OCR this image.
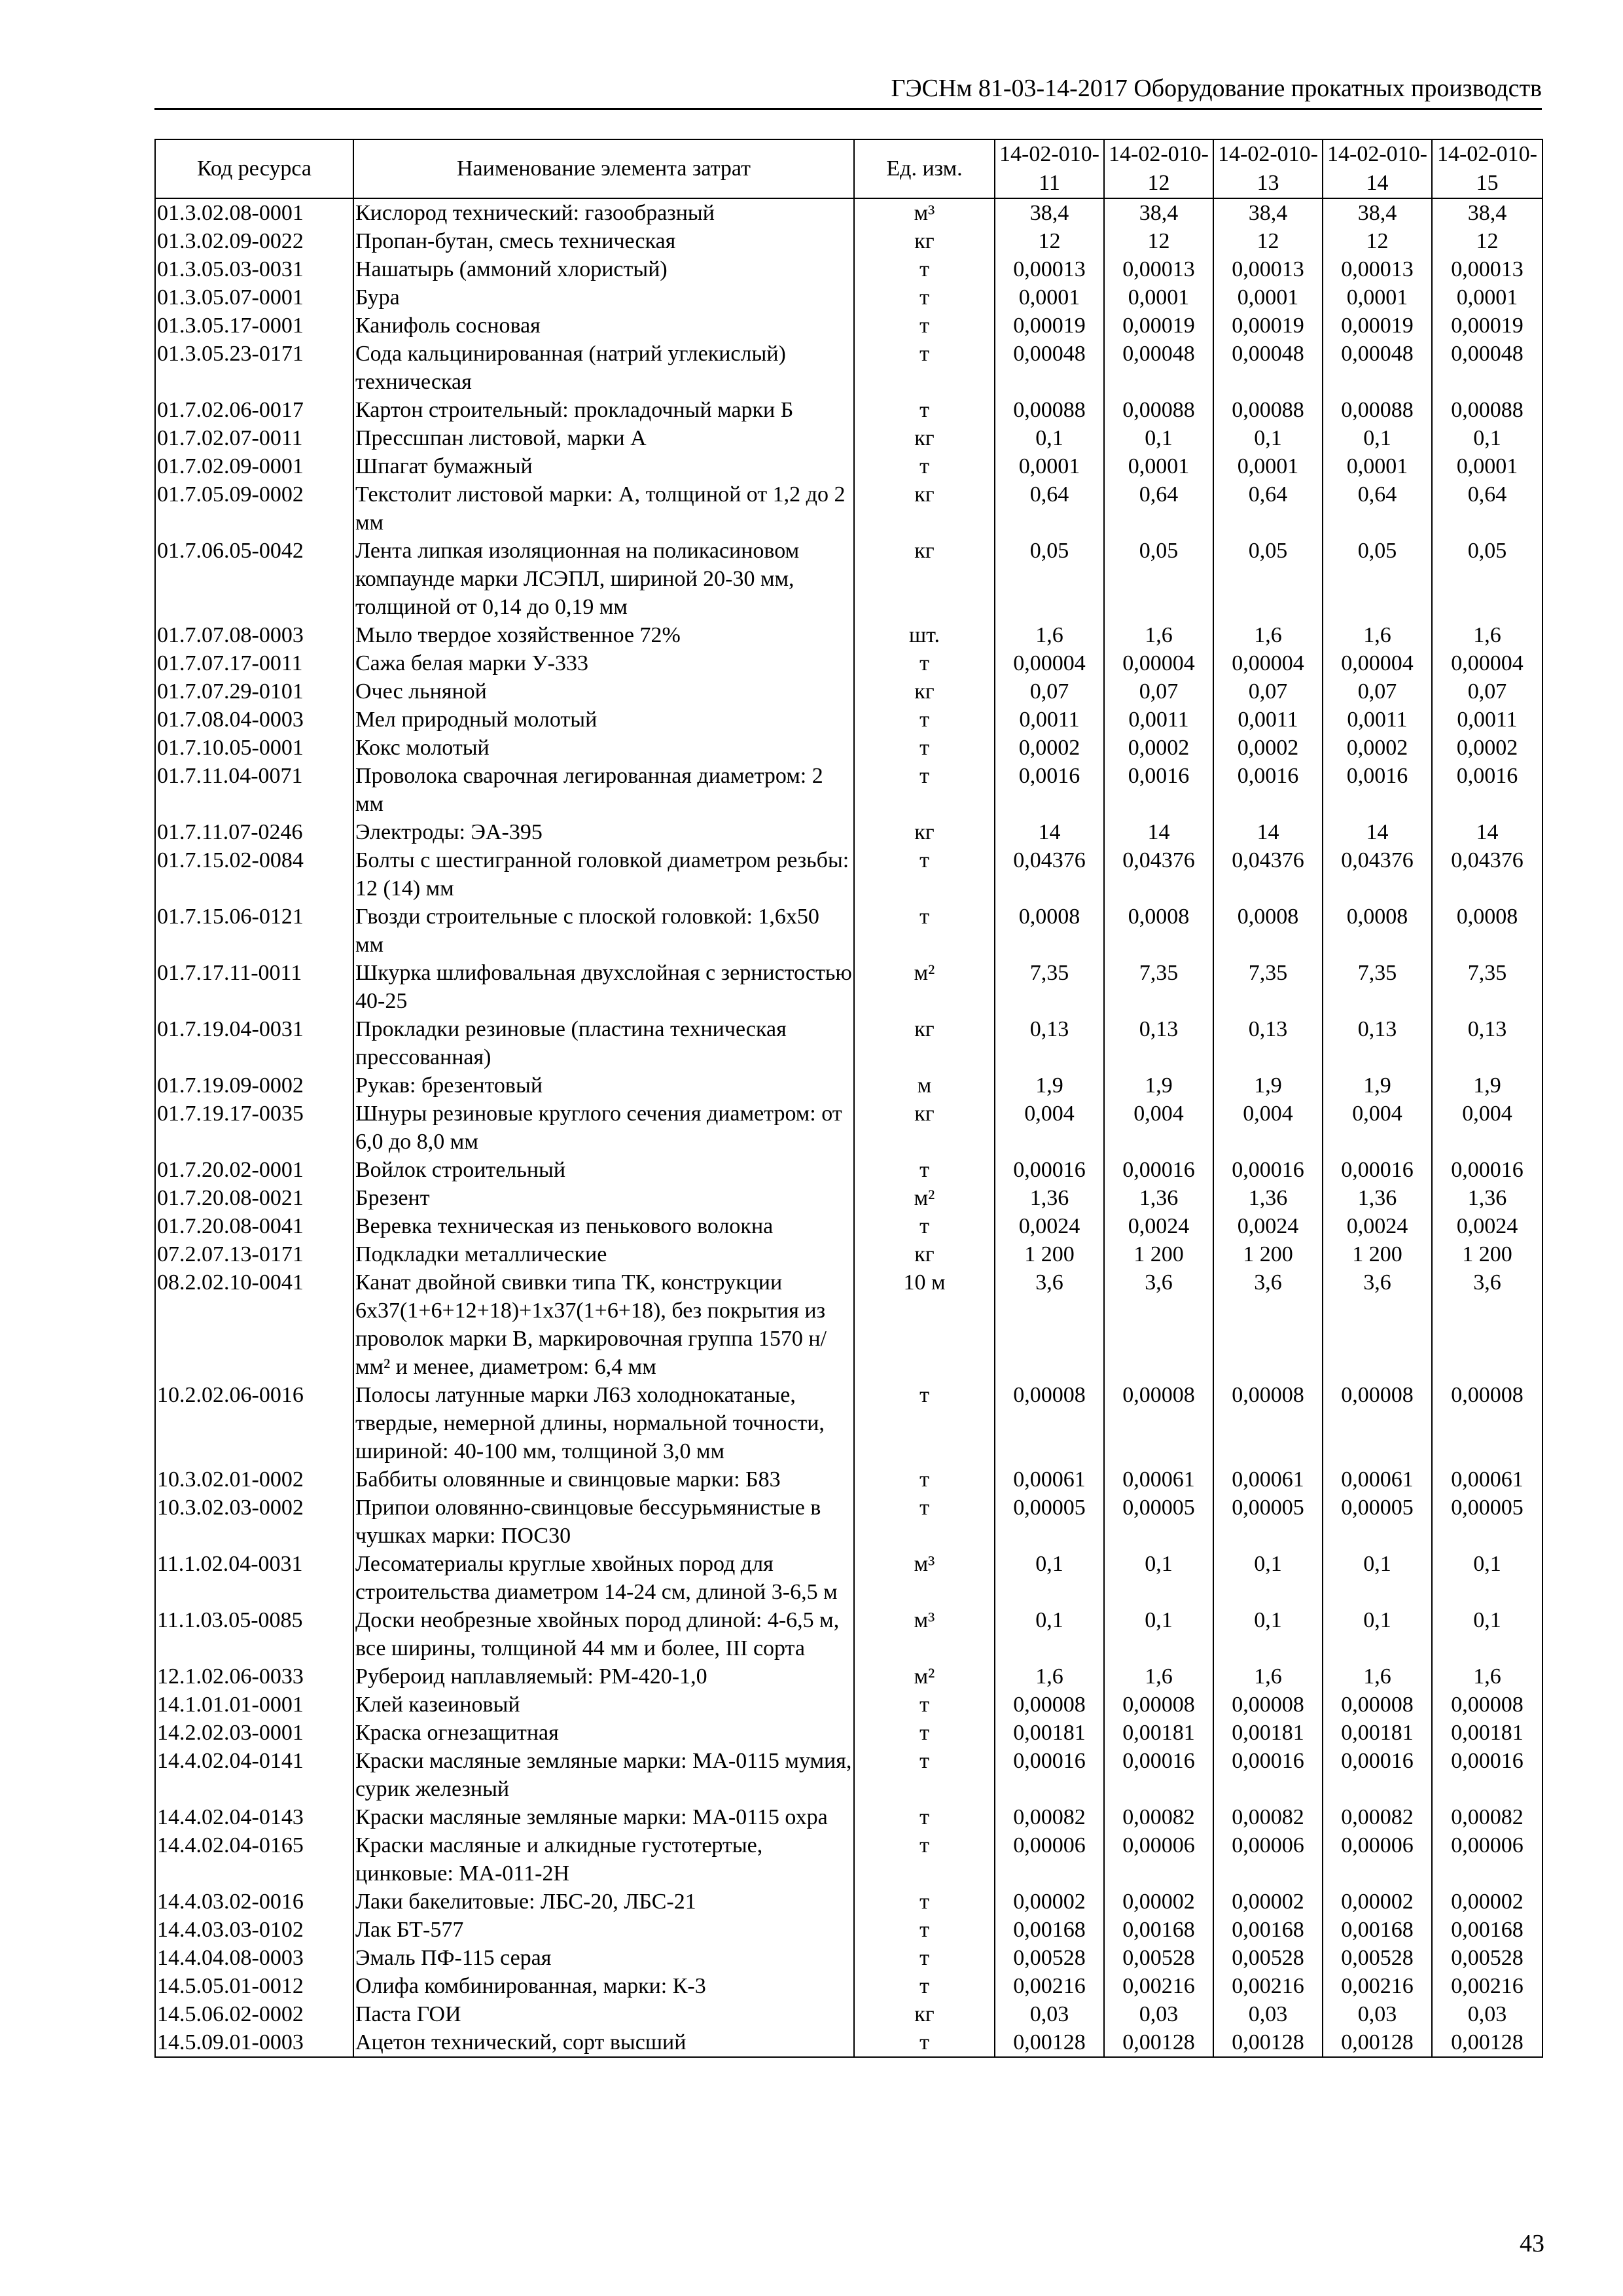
ГЭСНм 81-03-14-2017 Оборудование прокатных производств
Код ресурса	Наименование элемента затрат	Ед. изм.	14-02-010-11	14-02-010-12	14-02-010-13	14-02-010-14	14-02-010-15
01.3.02.08-0001	Кислород технический: газообразный	м³	38,4	38,4	38,4	38,4	38,4
01.3.02.09-0022	Пропан-бутан, смесь техническая	кг	12	12	12	12	12
01.3.05.03-0031	Нашатырь (аммоний хлористый)	т	0,00013	0,00013	0,00013	0,00013	0,00013
01.3.05.07-0001	Бура	т	0,0001	0,0001	0,0001	0,0001	0,0001
01.3.05.17-0001	Канифоль сосновая	т	0,00019	0,00019	0,00019	0,00019	0,00019
01.3.05.23-0171	Сода кальцинированная (натрий углекислый) техническая	т	0,00048	0,00048	0,00048	0,00048	0,00048
01.7.02.06-0017	Картон строительный: прокладочный марки Б	т	0,00088	0,00088	0,00088	0,00088	0,00088
01.7.02.07-0011	Прессшпан листовой, марки А	кг	0,1	0,1	0,1	0,1	0,1
01.7.02.09-0001	Шпагат бумажный	т	0,0001	0,0001	0,0001	0,0001	0,0001
01.7.05.09-0002	Текстолит листовой марки: А, толщиной от 1,2 до 2 мм	кг	0,64	0,64	0,64	0,64	0,64
01.7.06.05-0042	Лента липкая изоляционная на поликасиновом компаунде марки ЛСЭПЛ, шириной 20-30 мм, толщиной от 0,14 до 0,19 мм	кг	0,05	0,05	0,05	0,05	0,05
01.7.07.08-0003	Мыло твердое хозяйственное 72%	шт.	1,6	1,6	1,6	1,6	1,6
01.7.07.17-0011	Сажа белая марки У-333	т	0,00004	0,00004	0,00004	0,00004	0,00004
01.7.07.29-0101	Очес льняной	кг	0,07	0,07	0,07	0,07	0,07
01.7.08.04-0003	Мел природный молотый	т	0,0011	0,0011	0,0011	0,0011	0,0011
01.7.10.05-0001	Кокс молотый	т	0,0002	0,0002	0,0002	0,0002	0,0002
01.7.11.04-0071	Проволока сварочная легированная диаметром: 2 мм	т	0,0016	0,0016	0,0016	0,0016	0,0016
01.7.11.07-0246	Электроды: ЭА-395	кг	14	14	14	14	14
01.7.15.02-0084	Болты с шестигранной головкой диаметром резьбы: 12 (14) мм	т	0,04376	0,04376	0,04376	0,04376	0,04376
01.7.15.06-0121	Гвозди строительные с плоской головкой: 1,6x50 мм	т	0,0008	0,0008	0,0008	0,0008	0,0008
01.7.17.11-0011	Шкурка шлифовальная двухслойная с зернистостью 40-25	м²	7,35	7,35	7,35	7,35	7,35
01.7.19.04-0031	Прокладки резиновые (пластина техническая прессованная)	кг	0,13	0,13	0,13	0,13	0,13
01.7.19.09-0002	Рукав: брезентовый	м	1,9	1,9	1,9	1,9	1,9
01.7.19.17-0035	Шнуры резиновые круглого сечения диаметром: от 6,0 до 8,0 мм	кг	0,004	0,004	0,004	0,004	0,004
01.7.20.02-0001	Войлок строительный	т	0,00016	0,00016	0,00016	0,00016	0,00016
01.7.20.08-0021	Брезент	м²	1,36	1,36	1,36	1,36	1,36
01.7.20.08-0041	Веревка техническая из пенькового волокна	т	0,0024	0,0024	0,0024	0,0024	0,0024
07.2.07.13-0171	Подкладки металлические	кг	1 200	1 200	1 200	1 200	1 200
08.2.02.10-0041	Канат двойной свивки типа ТК, конструкции 6x37(1+6+12+18)+1x37(1+6+18), без покрытия из проволок марки В, маркировочная группа 1570 н/мм² и менее, диаметром: 6,4 мм	10 м	3,6	3,6	3,6	3,6	3,6
10.2.02.06-0016	Полосы латунные марки Л63 холоднокатаные, твердые, немерной длины, нормальной точности, шириной: 40-100 мм, толщиной 3,0 мм	т	0,00008	0,00008	0,00008	0,00008	0,00008
10.3.02.01-0002	Баббиты оловянные и свинцовые марки: Б83	т	0,00061	0,00061	0,00061	0,00061	0,00061
10.3.02.03-0002	Припои оловянно-свинцовые бессурьмянистые в чушках марки: ПОС30	т	0,00005	0,00005	0,00005	0,00005	0,00005
11.1.02.04-0031	Лесоматериалы круглые хвойных пород для строительства диаметром 14-24 см, длиной 3-6,5 м	м³	0,1	0,1	0,1	0,1	0,1
11.1.03.05-0085	Доски необрезные хвойных пород длиной: 4-6,5 м, все ширины, толщиной 44 мм и более, III сорта	м³	0,1	0,1	0,1	0,1	0,1
12.1.02.06-0033	Рубероид наплавляемый: РМ-420-1,0	м²	1,6	1,6	1,6	1,6	1,6
14.1.01.01-0001	Клей казеиновый	т	0,00008	0,00008	0,00008	0,00008	0,00008
14.2.02.03-0001	Краска огнезащитная	т	0,00181	0,00181	0,00181	0,00181	0,00181
14.4.02.04-0141	Краски масляные земляные марки: МА-0115 мумия, сурик железный	т	0,00016	0,00016	0,00016	0,00016	0,00016
14.4.02.04-0143	Краски масляные земляные марки: МА-0115 охра	т	0,00082	0,00082	0,00082	0,00082	0,00082
14.4.02.04-0165	Краски масляные и алкидные густотертые, цинковые: МА-011-2Н	т	0,00006	0,00006	0,00006	0,00006	0,00006
14.4.03.02-0016	Лаки бакелитовые: ЛБС-20, ЛБС-21	т	0,00002	0,00002	0,00002	0,00002	0,00002
14.4.03.03-0102	Лак БТ-577	т	0,00168	0,00168	0,00168	0,00168	0,00168
14.4.04.08-0003	Эмаль ПФ-115 серая	т	0,00528	0,00528	0,00528	0,00528	0,00528
14.5.05.01-0012	Олифа комбинированная, марки: К-3	т	0,00216	0,00216	0,00216	0,00216	0,00216
14.5.06.02-0002	Паста ГОИ	кг	0,03	0,03	0,03	0,03	0,03
14.5.09.01-0003	Ацетон технический, сорт высший	т	0,00128	0,00128	0,00128	0,00128	0,00128
43
